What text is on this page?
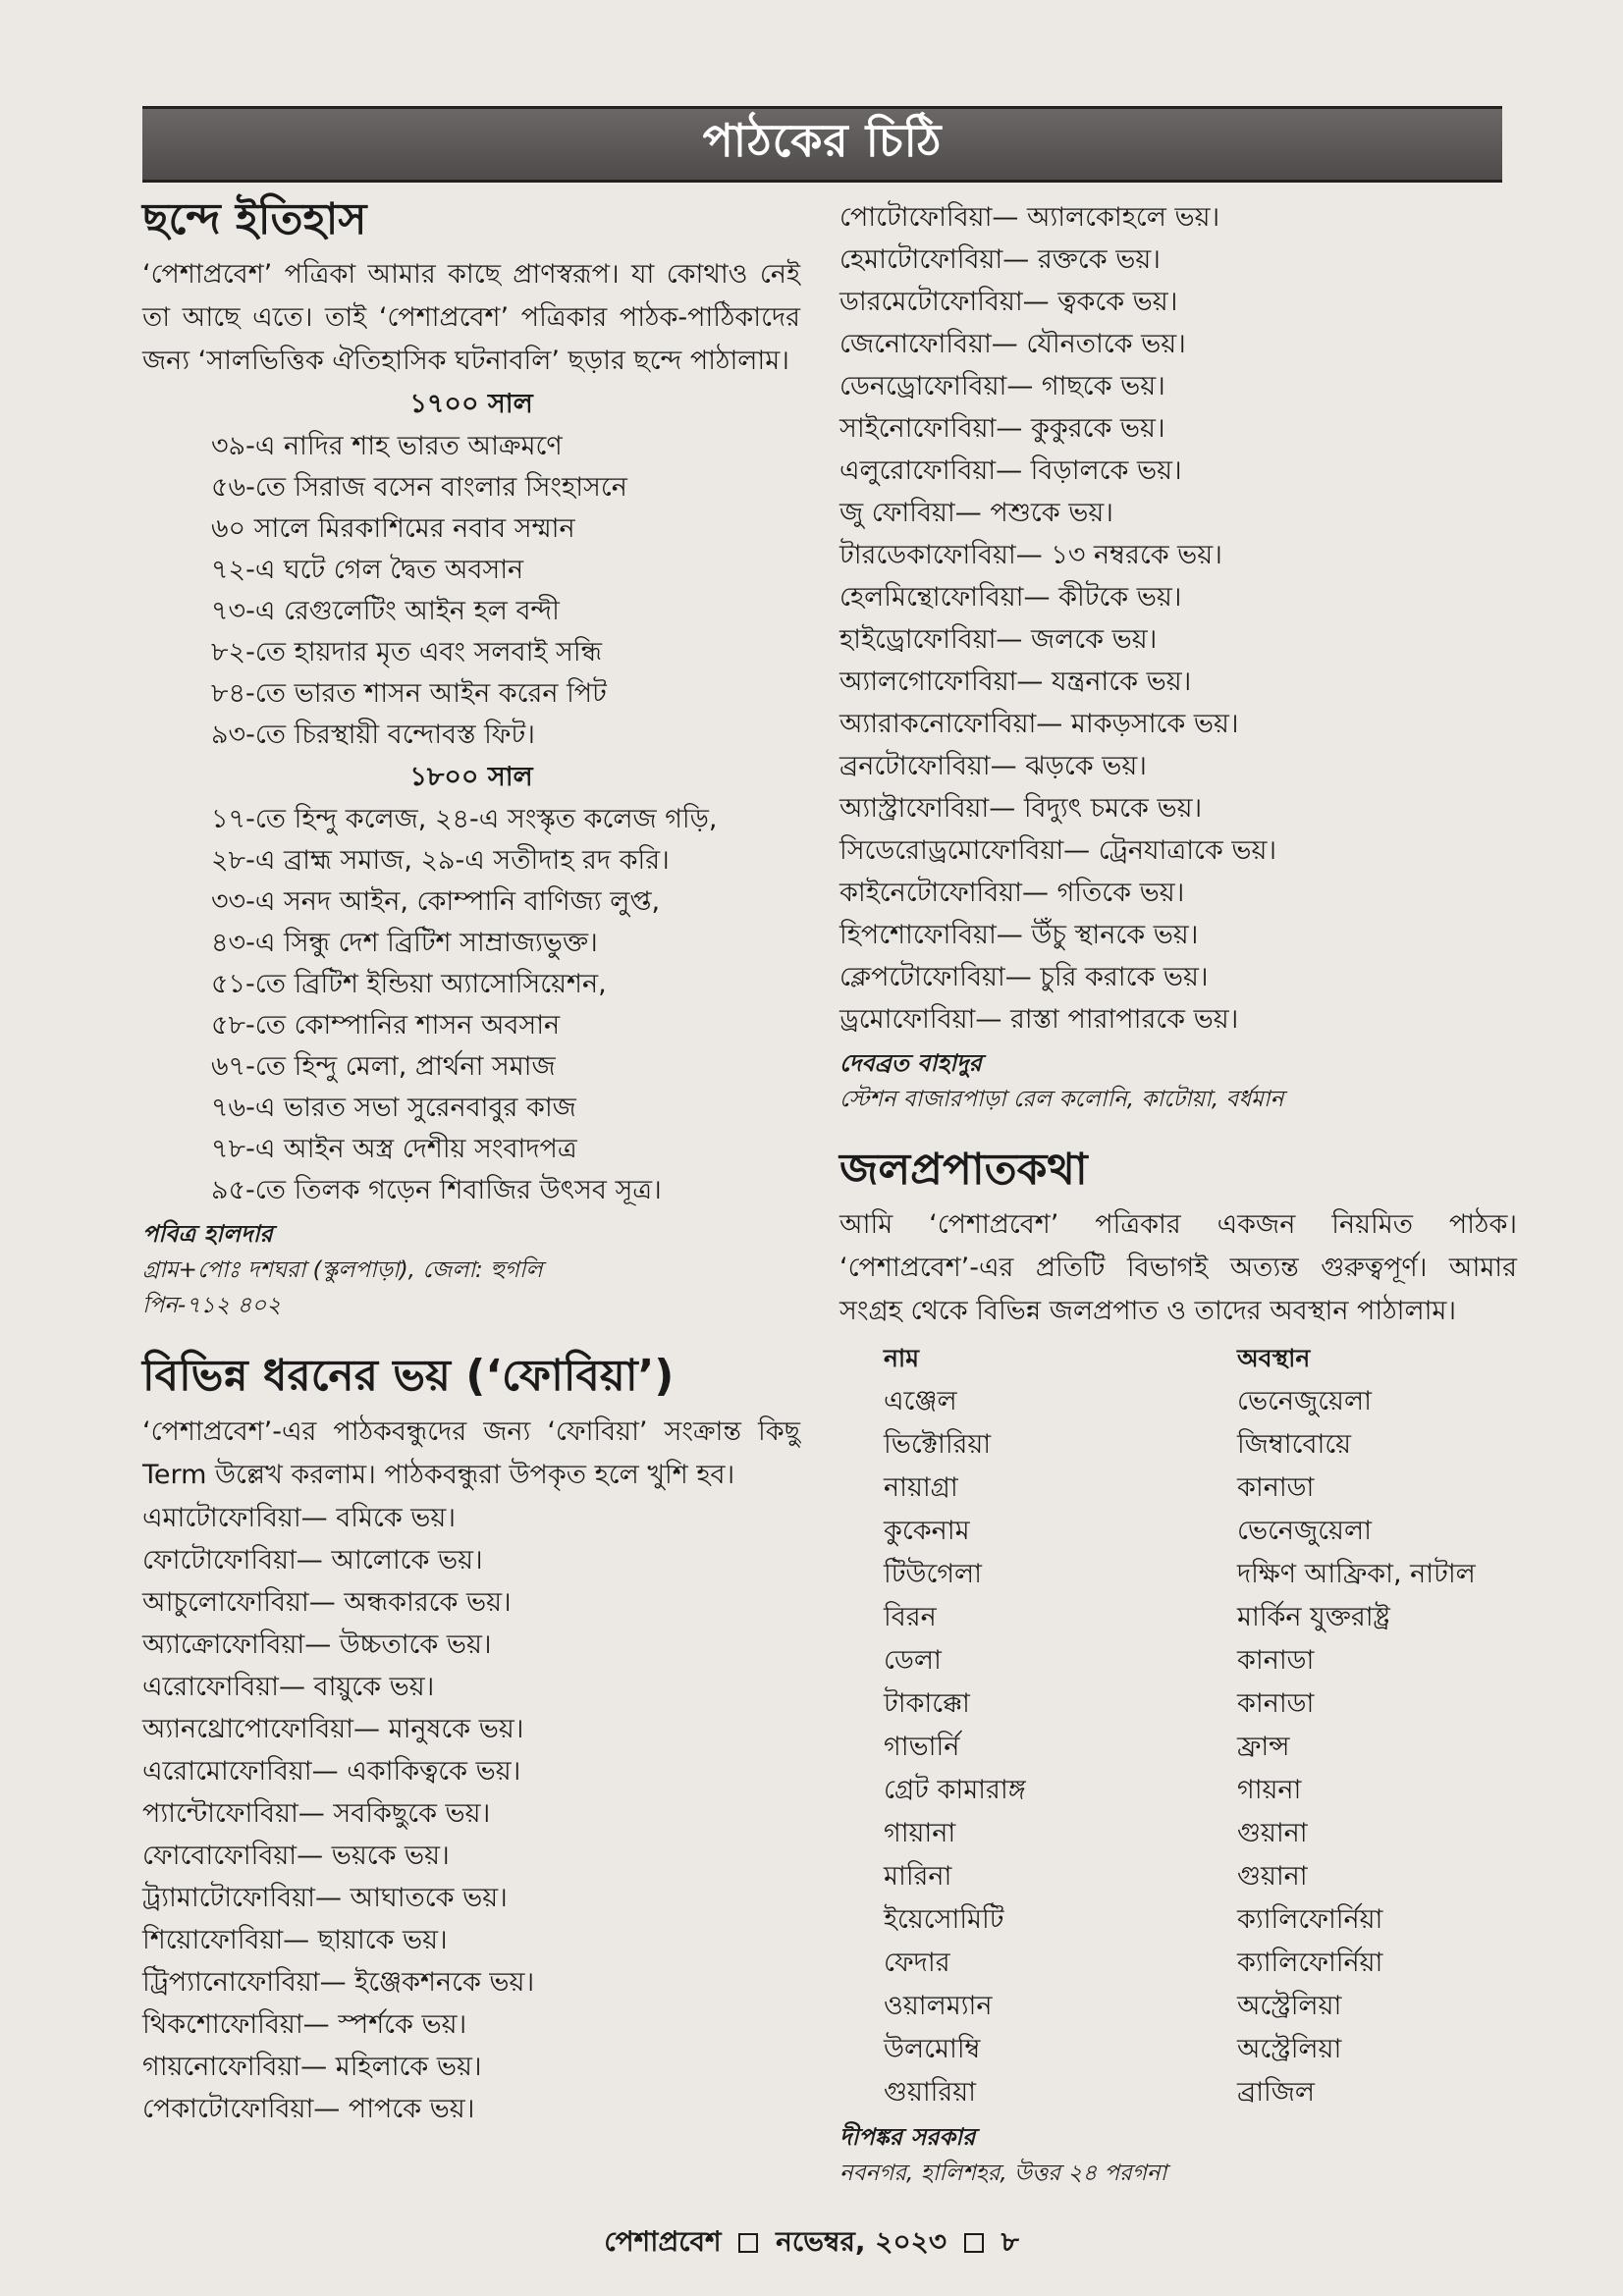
পাঠকের চিঠি
ছন্দে ইতিহাস

‘পেশাপ্রবেশ’ পত্রিকা আমার কাছে প্রাণস্বরূপ। যা কোথাও নেই তা আছে এতে। তাই ‘পেশাপ্রবেশ’ পত্রিকার পাঠক-পাঠিকাদের জন্য ‘সালভিত্তিক ঐতিহাসিক ঘটনাবলি’ ছড়ার ছন্দে পাঠালাম।

১৭০০ সাল

৩৯-এ নাদির শাহ ভারত আক্রমণে

৫৬-তে সিরাজ বসেন বাংলার সিংহাসনে

৬০ সালে মিরকাশিমের নবাব সম্মান

৭২-এ ঘটে গেল দ্বৈত অবসান

৭৩-এ রেগুলেটিং আইন হল বন্দী

৮২-তে হায়দার মৃত এবং সলবাই সন্ধি

৮৪-তে ভারত শাসন আইন করেন পিট

৯৩-তে চিরস্থায়ী বন্দোবস্ত ফিট।

১৮০০ সাল

১৭-তে হিন্দু কলেজ, ২৪-এ সংস্কৃত কলেজ গড়ি,

২৮-এ ব্রাহ্ম সমাজ, ২৯-এ সতীদাহ রদ করি।

৩৩-এ সনদ আইন, কোম্পানি বাণিজ্য লুপ্ত,

৪৩-এ সিন্ধু দেশ ব্রিটিশ সাম্রাজ্যভুক্ত।

৫১-তে ব্রিটিশ ইন্ডিয়া অ্যাসোসিয়েশন,

৫৮-তে কোম্পানির শাসন অবসান

৬৭-তে হিন্দু মেলা, প্রার্থনা সমাজ

৭৬-এ ভারত সভা সুরেনবাবুর কাজ

৭৮-এ আইন অস্ত্র দেশীয় সংবাদপত্র

৯৫-তে তিলক গড়েন শিবাজির উৎসব সূত্র।

পবিত্র হালদার
গ্রাম+পোঃ দশঘরা (স্কুলপাড়া), জেলা: হুগলি
পিন-৭১২ ৪০২
বিভিন্ন ধরনের ভয় (‘ফোবিয়া’)

‘পেশাপ্রবেশ’-এর পাঠকবন্ধুদের জন্য ‘ফোবিয়া’ সংক্রান্ত কিছু Term উল্লেখ করলাম। পাঠকবন্ধুরা উপকৃত হলে খুশি হব।

এমাটোফোবিয়া— বমিকে ভয়।

ফোটোফোবিয়া— আলোকে ভয়।

আচুলোফোবিয়া— অন্ধকারকে ভয়।

অ্যাক্রোফোবিয়া— উচ্চতাকে ভয়।

এরোফোবিয়া— বায়ুকে ভয়।

অ্যানথ্রোপোফোবিয়া— মানুষকে ভয়।

এরোমোফোবিয়া— একাকিত্বকে ভয়।

প্যান্টোফোবিয়া— সবকিছুকে ভয়।

ফোবোফোবিয়া— ভয়কে ভয়।

ট্র্যামাটোফোবিয়া— আঘাতকে ভয়।

শিয়োফোবিয়া— ছায়াকে ভয়।

ট্রিপ্যানোফোবিয়া— ইঞ্জেকশনকে ভয়।

থিকশোফোবিয়া— স্পর্শকে ভয়।

গায়নোফোবিয়া— মহিলাকে ভয়।

পেকাটোফোবিয়া— পাপকে ভয়।

পোটোফোবিয়া— অ্যালকোহলে ভয়।

হেমাটোফোবিয়া— রক্তকে ভয়।

ডারমেটোফোবিয়া— ত্বককে ভয়।

জেনোফোবিয়া— যৌনতাকে ভয়।

ডেনড্রোফোবিয়া— গাছকে ভয়।

সাইনোফোবিয়া— কুকুরকে ভয়।

এলুরোফোবিয়া— বিড়ালকে ভয়।

জু ফোবিয়া— পশুকে ভয়।

টারডেকাফোবিয়া— ১৩ নম্বরকে ভয়।

হেলমিন্থোফোবিয়া— কীটকে ভয়।

হাইড্রোফোবিয়া— জলকে ভয়।

অ্যালগোফোবিয়া— যন্ত্রনাকে ভয়।

অ্যারাকনোফোবিয়া— মাকড়সাকে ভয়।

ব্রনটোফোবিয়া— ঝড়কে ভয়।

অ্যাস্ট্রাফোবিয়া— বিদ্যুৎ চমকে ভয়।

সিডেরোড্রমোফোবিয়া— ট্রেনযাত্রাকে ভয়।

কাইনেটোফোবিয়া— গতিকে ভয়।

হিপশোফোবিয়া— উঁচু স্থানকে ভয়।

ক্লেপটোফোবিয়া— চুরি করাকে ভয়।

ড্রমোফোবিয়া— রাস্তা পারাপারকে ভয়।

দেবব্রত বাহাদুর
স্টেশন বাজারপাড়া রেল কলোনি, কাটোয়া, বর্ধমান
জলপ্রপাতকথা

আমি ‘পেশাপ্রবেশ’ পত্রিকার একজন নিয়মিত পাঠক। ‘পেশাপ্রবেশ’-এর প্রতিটি বিভাগই অত্যন্ত গুরুত্বপূর্ণ। আমার সংগ্রহ থেকে বিভিন্ন জলপ্রপাত ও তাদের অবস্থান পাঠালাম।

নাম	অবস্থান
এঞ্জেল	ভেনেজুয়েলা
ভিক্টোরিয়া	জিম্বাবোয়ে
নায়াগ্রা	কানাডা
কুকেনাম	ভেনেজুয়েলা
টিউগেলা	দক্ষিণ আফ্রিকা, নাটাল
বিরন	মার্কিন যুক্তরাষ্ট্র
ডেলা	কানাডা
টাকাক্কো	কানাডা
গাভার্নি	ফ্রান্স
গ্রেট কামারাঙ্গ	গায়না
গায়ানা	গুয়ানা
মারিনা	গুয়ানা
ইয়েসোমিটি	ক্যালিফোর্নিয়া
ফেদার	ক্যালিফোর্নিয়া
ওয়ালম্যান	অস্ট্রেলিয়া
উলমোম্বি	অস্ট্রেলিয়া
গুয়ারিয়া	ব্রাজিল
দীপঙ্কর সরকার
নবনগর, হালিশহর, উত্তর ২৪ পরগনা
পেশাপ্রবেশ নভেম্বর, ২০২৩ ৮
